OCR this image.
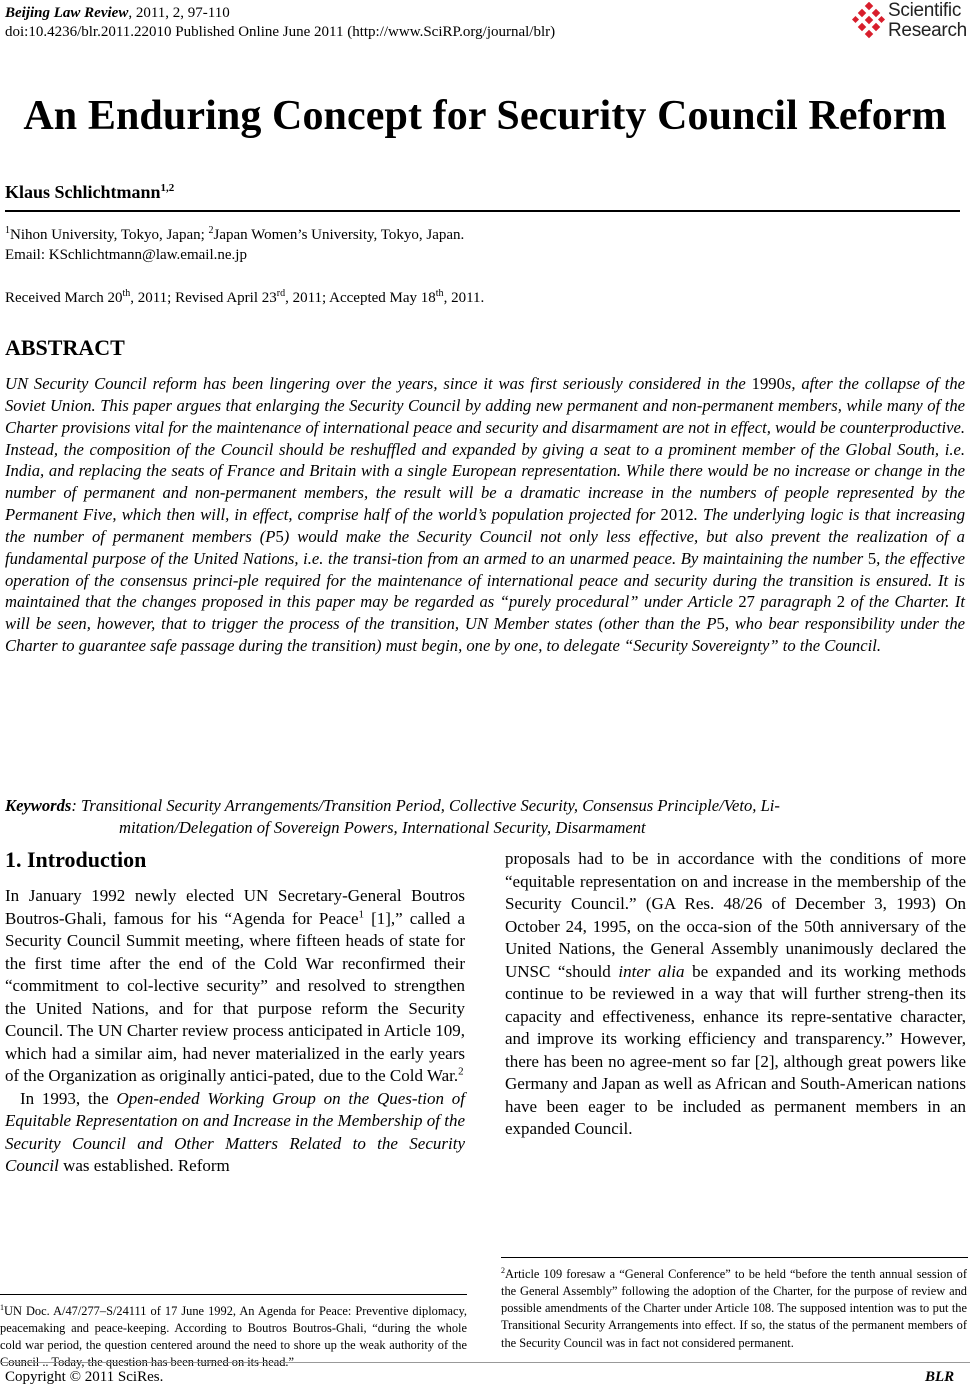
Beijing Law Review, 2011, 2, 97-110
doi:10.4236/blr.2011.22010 Published Online June 2011 (http://www.SciRP.org/journal/blr)
Scientific
Research
An Enduring Concept for Security Council Reform
Klaus Schlichtmann$^{1,2}$
$^1$Nihon University, Tokyo, Japan; $^2$Japan Women’s University, Tokyo, Japan.
Email: KSchlichtmann@law.email.ne.jp
Received March 20th, 2011; Revised April 23rd, 2011; Accepted May 18th, 2011.
ABSTRACT
UN Security Council reform has been lingering over the years, since it was first seriously considered in the 1990s, after the collapse of the Soviet Union. This paper argues that enlarging the Security Council by adding new permanent and non-permanent members, while many of the Charter provisions vital for the maintenance of international peace and security and disarmament are not in effect, would be counterproductive. Instead, the composition of the Council should be reshuffled and expanded by giving a seat to a prominent member of the Global South, i.e. India, and replacing the seats of France and Britain with a single European representation. While there would be no increase or change in the number of permanent and non-permanent members, the result will be a dramatic increase in the numbers of people represented by the Permanent Five, which then will, in effect, comprise half of the world’s population projected for 2012. The underlying logic is that increasing the number of permanent members (P5) would make the Security Council not only less effective, but also prevent the realization of a fundamental purpose of the United Nations, i.e. the transi-tion from an armed to an unarmed peace. By maintaining the number 5, the effective operation of the consensus princi-ple required for the maintenance of international peace and security during the transition is ensured. It is maintained that the changes proposed in this paper may be regarded as “purely procedural” under Article 27 paragraph 2 of the Charter. It will be seen, however, that to trigger the process of the transition, UN Member states (other than the P5, who bear responsibility under the Charter to guarantee safe passage during the transition) must begin, one by one, to delegate “Security Sovereignty” to the Council.
Keywords: Transitional Security Arrangements/Transition Period, Collective Security, Consensus Principle/Veto, Li-
mitation/Delegation of Sovereign Powers, International Security, Disarmament
1. Introduction

In January 1992 newly elected UN Secretary-General Boutros Boutros-Ghali, famous for his “Agenda for Peace$^1$ [1],” called a Security Council Summit meeting, where fifteen heads of state for the first time after the end of the Cold War reconfirmed their “commitment to col-lective security” and resolved to strengthen the United Nations, and for that purpose reform the Security Council. The UN Charter review process anticipated in Article 109, which had a similar aim, had never materialized in the early years of the Organization as originally antici-pated, due to the Cold War.$^2$

In 1993, the Open-ended Working Group on the Ques-tion of Equitable Representation on and Increase in the Membership of the Security Council and Other Matters Related to the Security Council was established. Reform

proposals had to be in accordance with the conditions of more “equitable representation on and increase in the membership of the Security Council.” (GA Res. 48/26 of December 3, 1993) On October 24, 1995, on the occa-sion of the 50th anniversary of the United Nations, the General Assembly unanimously declared the UNSC “should inter alia be expanded and its working methods continue to be reviewed in a way that will further streng-then its capacity and effectiveness, enhance its repre-sentative character, and improve its working efficiency and transparency.” However, there has been no agree-ment so far [2], although great powers like Germany and Japan as well as African and South-American nations have been eager to be included as permanent members in an expanded Council.

$^1$UN Doc. A/47/277–S/24111 of 17 June 1992, An Agenda for Peace: Preventive diplomacy, peacemaking and peace-keeping. According to Boutros Boutros-Ghali, “during the whole cold war period, the question centered around the need to shore up the weak authority of the Council .. Today, the question has been turned on its head.”
$^2$Article 109 foresaw a “General Conference” to be held “before the tenth annual session of the General Assembly” following the adoption of the Charter, for the purpose of review and possible amendments of the Charter under Article 108. The supposed intention was to put the Transitional Security Arrangements into effect. If so, the status of the permanent members of the Security Council was in fact not considered permanent.
Copyright © 2011 SciRes.	BLR
